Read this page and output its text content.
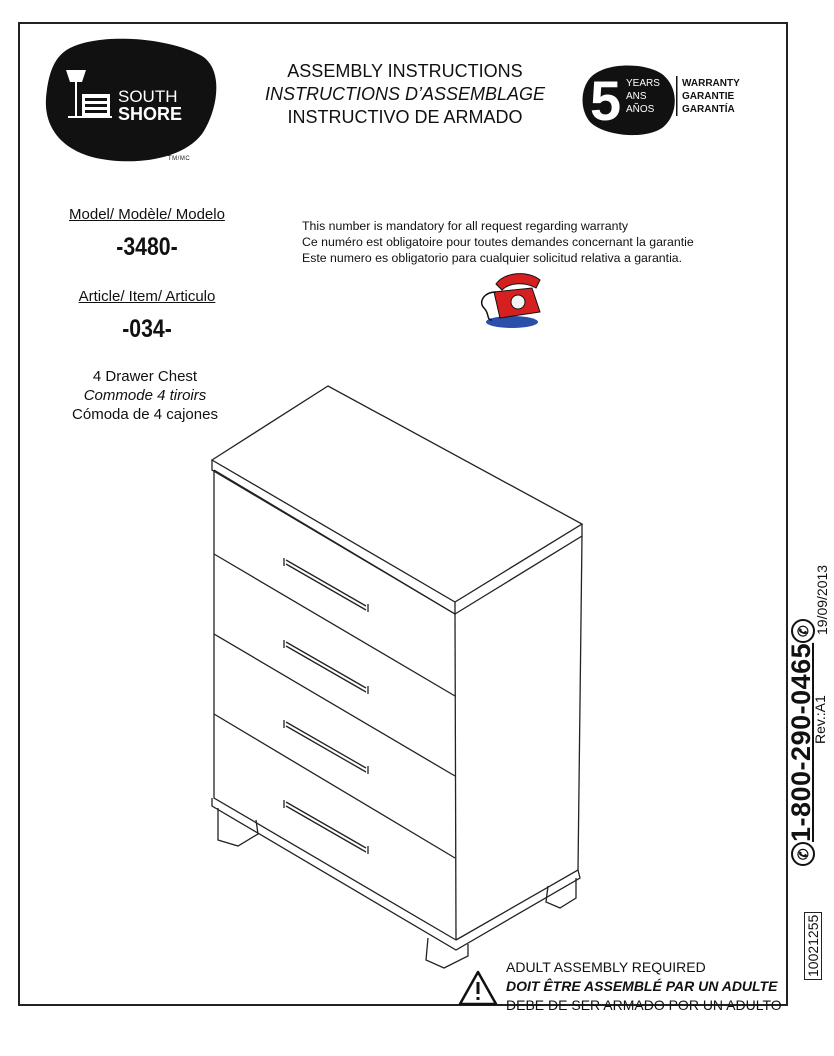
SOUTH
SHORE
TM/MC
ASSEMBLY INSTRUCTIONS
INSTRUCTIONS D’ASSEMBLAGE
INSTRUCTIVO DE ARMADO	5 YEARS
ANS
AÑOS
WARRANTY
GARANTIE
GARANTÍA
Model/ Modèle/ Modelo
-3480-
Article/ Item/ Articulo
-034-
4 Drawer Chest
Commode 4 tiroirs
Cómoda de 4 cajones
This number is mandatory for all request regarding warranty
Ce numéro est obligatoire pour toutes demandes concernant la garantie
Este numero es obligatorio para cualquier solicitud relativa a garantia.
10021255
✆1-800-290-0465✆
Rev.:A1
19/09/2013
ADULT ASSEMBLY REQUIRED
DOIT ÊTRE ASSEMBLÉ PAR UN ADULTE
DEBE DE SER ARMADO POR UN ADULTO
